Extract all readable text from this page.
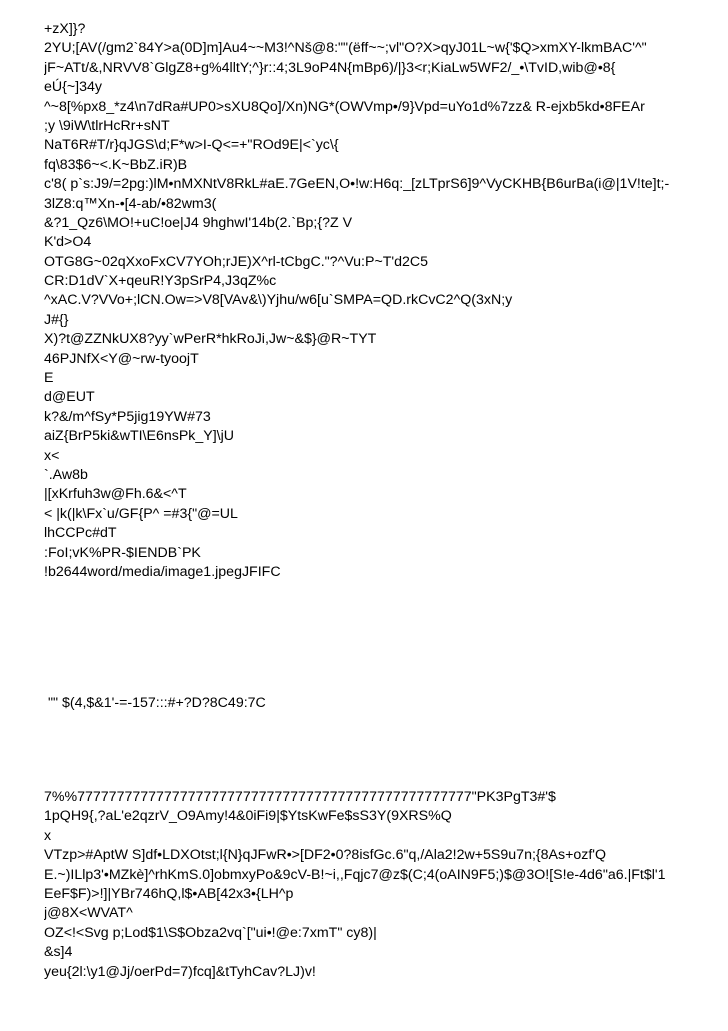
+zX]}?
2YU;[AV(/gm2`84Y>a(0D]m]Au4~~M3!^Nš@8:""(ëff~~;vl"O?X>qyJ01L~w{'$Q>xmXY-lkmBAC'^"
jF~ATt/&,NRVV8`GlgZ8+g%4lltY;^}r::4;3L9oP4N{mBp6)/|}3<r;KiaLw5WF2/_•\TvID,wib@•8{
eÚ{~]34y
^~8[%px8_*z4\n7dRa#UP0>sXU8Qo]/Xn)NG*(OWVmp•/9}Vpd=uYo1d%7zz& R-ejxb5kd•8FEAr
;y \9iW\tlrHcRr+sNT
NaT6R#T/r}qJGS\d;F*w>I-Q<=+"ROd9E|<`yc\{
fq\83$6~<.K~BbZ.iR)B
c'8( p`s:J9/=2pg:)lM•nMXNtV8RkL#aE.7GeEN,O•!w:H6q:_[zLTprS6]9^VyCKHB{B6urBa(i@|1V!te]t;-
3lZ8:q™Xn-•[4-ab/•82wm3(
&?1_Qz6\MO!+uC!oe|J4 9hghwI'14b(2.`Bp;{?Z V
K'd>O4
OTG8G~02qXxoFxCV7YOh;rJE)X^rl-tCbgC."?^Vu:P~T'd2C5
CR:D1dV`X+qeuR!Y3pSrP4,J3qZ%c
^xAC.V?VVo+;lCN.Ow=>V8[VAv&\)Yjhu/w6[u`SMPA=QD.rkCvC2^Q(3xN;y
J#{}
X)?t@ZZNkUX8?yy`wPerR*hkRoJi,Jw~&$}@R~TYT
46PJNfX<Y@~rw-tyoojT
E
d@EUT
k?&/m^fSy*P5jig19YW#73
aiZ{BrP5ki&wTI\E6nsPk_Y]\jU
x<
`.Aw8b
|[xKrfuh3w@Fh.6&<^T
< |k(|k\Fx`u/GF{P^ =#3{"@=UL
lhCCPc#dT
:FoI;vK%PR-$IENDB`PK
!b2644word/media/image1.jpegJFIFC
"" $(4,$&1'-=-157:::#+?D?8C49:7C
7%%77777777777777777777777777777777777777777777777777"PK3PgT3#'$
1pQH9{,?aL'e2qzrV_O9Amy!4&0iFi9|$YtsKwFe$sS3Y(9XRS%Q
x
VTzp>#AptW S]df•LDXOtst;l{N}qJFwR•>[DF2•0?8isfGc.6"q,/Ala2!2w+5S9u7n;{8As+ozf'Q
E.~)ILlp3'•MZkè]^rhKmS.0]obmxyPo&9cV-B!~i,,Fqjc7@z$(C;4(oAIN9F5;)$@3O![S!e-4d6"a6.|Ft$l'1
EeF$F)>!]|YBr746hQ,l$•AB[42x3•{LH^p
j@8X<WVAT^
OZ<!<Svg p;Lod$1\S$Obza2vq`["ui•!@e:7xmT" cy8)|
&s]4
yeu{2l:\y1@Jj/oerPd=7)fcq]&tTyhCav?LJ)v!
